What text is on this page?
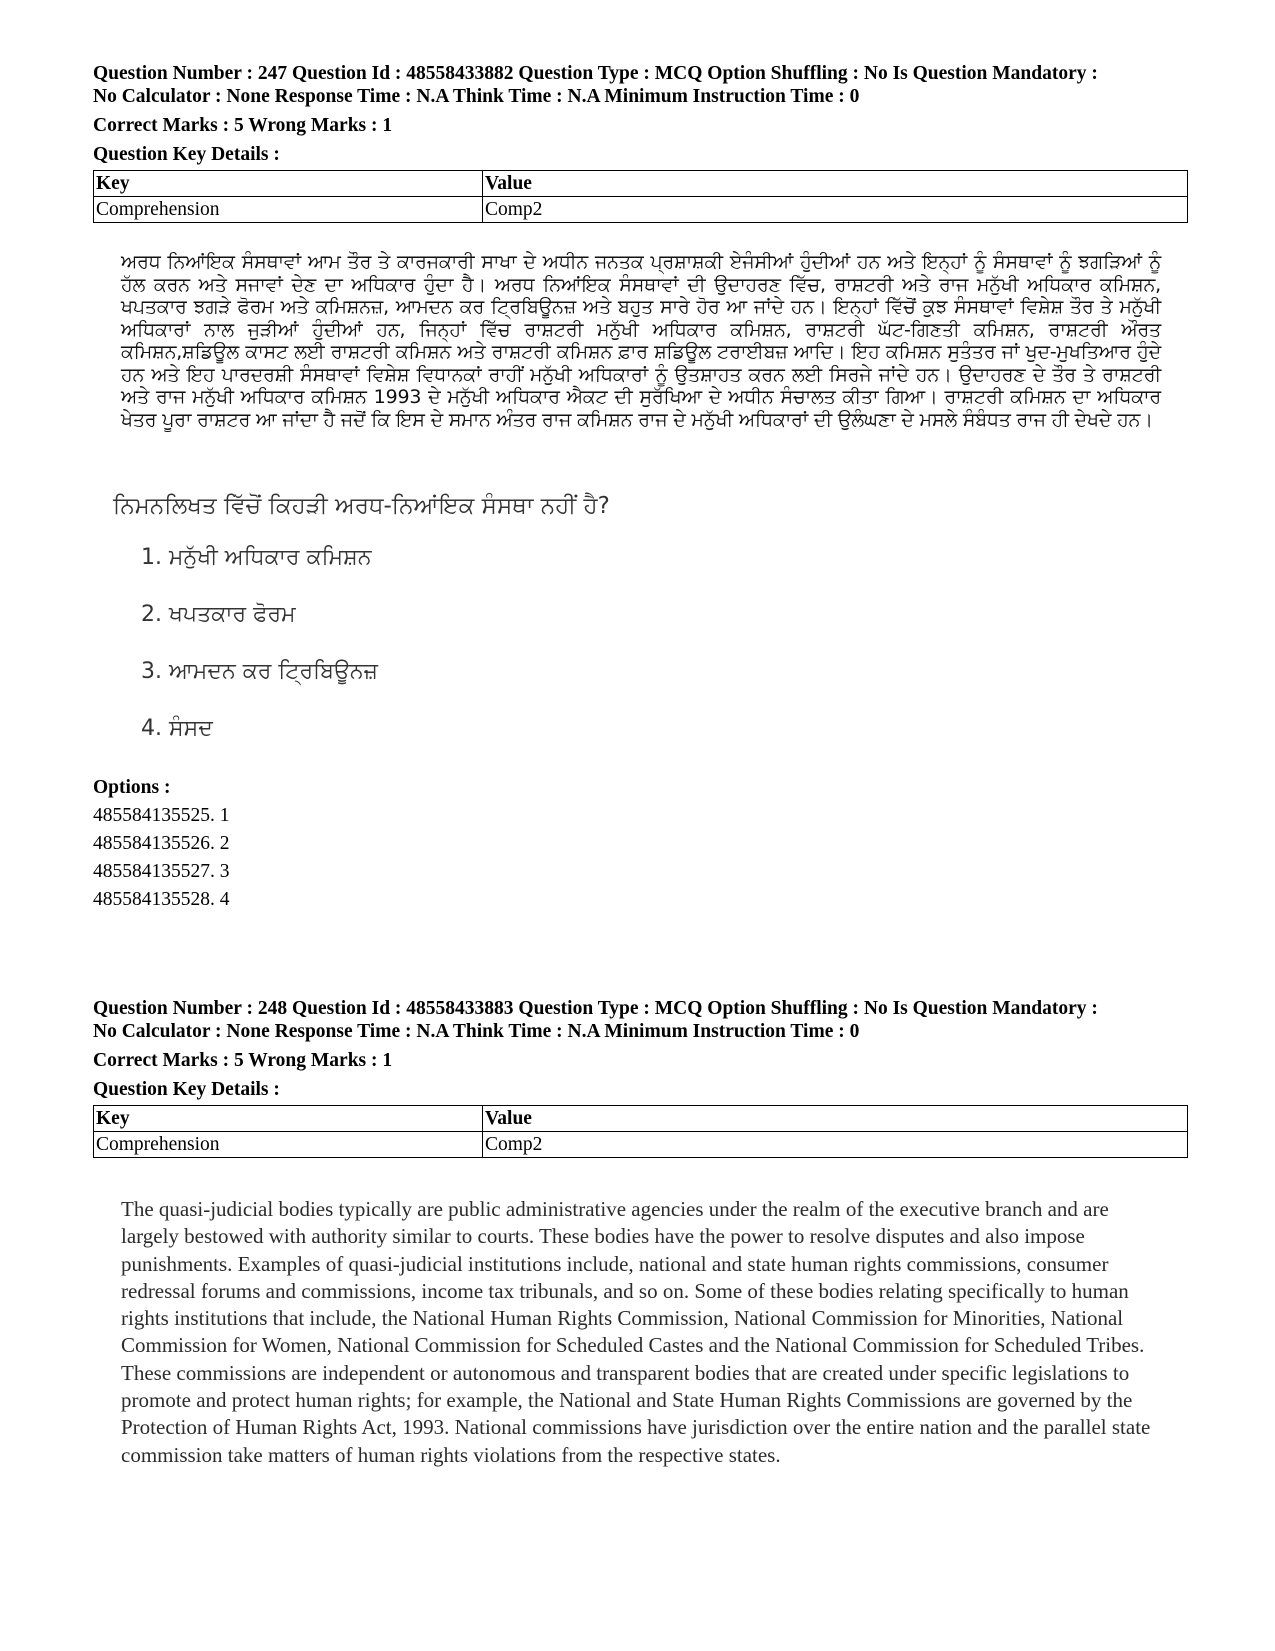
Question Number : 247 Question Id : 48558433882 Question Type : MCQ Option Shuffling : No Is Question Mandatory :

No Calculator : None Response Time : N.A Think Time : N.A Minimum Instruction Time : 0

Correct Marks : 5 Wrong Marks : 1
Question Key Details :
Key	Value
Comprehension	Comp2
ਅਰਧ ਨਿਆਂਇਕ ਸੰਸਥਾਵਾਂ ਆਮ ਤੌਰ ਤੇ ਕਾਰਜਕਾਰੀ ਸਾਖਾ ਦੇ ਅਧੀਨ ਜਨਤਕ ਪ੍ਰਸ਼ਾਸ਼ਕੀ ਏਜੰਸੀਆਂ ਹੁੰਦੀਆਂ ਹਨ ਅਤੇ ਇਨ੍ਹਾਂ ਨੂੰ ਸੰਸਥਾਵਾਂ ਨੂੰ ਝਗੜਿਆਂ ਨੂੰ ਹੱਲ ਕਰਨ ਅਤੇ ਸਜਾਵਾਂ ਦੇਣ ਦਾ ਅਧਿਕਾਰ ਹੁੰਦਾ ਹੈ। ਅਰਧ ਨਿਆਂਇਕ ਸੰਸਥਾਵਾਂ ਦੀ ਉਦਾਹਰਣ ਵਿੱਚ, ਰਾਸ਼ਟਰੀ ਅਤੇ ਰਾਜ ਮਨੁੱਖੀ ਅਧਿਕਾਰ ਕਮਿਸ਼ਨ, ਖਪਤਕਾਰ ਝਗੜੇ ਫੋਰਮ ਅਤੇ ਕਮਿਸ਼ਨਜ਼, ਆਮਦਨ ਕਰ ਟ੍ਰਿਬਿਊਨਜ਼ ਅਤੇ ਬਹੁਤ ਸਾਰੇ ਹੋਰ ਆ ਜਾਂਦੇ ਹਨ। ਇਨ੍ਹਾਂ ਵਿੱਚੋਂ ਕੁਝ ਸੰਸਥਾਵਾਂ ਵਿਸ਼ੇਸ਼ ਤੌਰ ਤੇ ਮਨੁੱਖੀ ਅਧਿਕਾਰਾਂ ਨਾਲ ਜੁੜੀਆਂ ਹੁੰਦੀਆਂ ਹਨ, ਜਿਨ੍ਹਾਂ ਵਿੱਚ ਰਾਸ਼ਟਰੀ ਮਨੁੱਖੀ ਅਧਿਕਾਰ ਕਮਿਸ਼ਨ, ਰਾਸ਼ਟਰੀ ਘੱਟ-ਗਿਣਤੀ ਕਮਿਸ਼ਨ, ਰਾਸ਼ਟਰੀ ਔਰਤ ਕਮਿਸ਼ਨ,ਸ਼ਡਿਊਲ ਕਾਸਟ ਲਈ ਰਾਸ਼ਟਰੀ ਕਮਿਸ਼ਨ ਅਤੇ ਰਾਸ਼ਟਰੀ ਕਮਿਸ਼ਨ ਫ਼ਾਰ ਸ਼ਡਿਊਲ ਟਰਾਈਬਜ਼ ਆਦਿ। ਇਹ ਕਮਿਸ਼ਨ ਸੁਤੰਤਰ ਜਾਂ ਖੁਦ-ਮੁਖਤਿਆਰ ਹੁੰਦੇ ਹਨ ਅਤੇ ਇਹ ਪਾਰਦਰਸ਼ੀ ਸੰਸਥਾਵਾਂ ਵਿਸ਼ੇਸ਼ ਵਿਧਾਨਕਾਂ ਰਾਹੀਂ ਮਨੁੱਖੀ ਅਧਿਕਾਰਾਂ ਨੂੰ ਉਤਸ਼ਾਹਤ ਕਰਨ ਲਈ ਸਿਰਜੇ ਜਾਂਦੇ ਹਨ। ਉਦਾਹਰਣ ਦੇ ਤੌਰ ਤੇ ਰਾਸ਼ਟਰੀ ਅਤੇ ਰਾਜ ਮਨੁੱਖੀ ਅਧਿਕਾਰ ਕਮਿਸ਼ਨ 1993 ਦੇ ਮਨੁੱਖੀ ਅਧਿਕਾਰ ਐਕਟ ਦੀ ਸੁਰੱਖਿਆ ਦੇ ਅਧੀਨ ਸੰਚਾਲਤ ਕੀਤਾ ਗਿਆ। ਰਾਸ਼ਟਰੀ ਕਮਿਸ਼ਨ ਦਾ ਅਧਿਕਾਰ ਖੇਤਰ ਪੂਰਾ ਰਾਸ਼ਟਰ ਆ ਜਾਂਦਾ ਹੈ ਜਦੋਂ ਕਿ ਇਸ ਦੇ ਸਮਾਨ ਅੰਤਰ ਰਾਜ ਕਮਿਸ਼ਨ ਰਾਜ ਦੇ ਮਨੁੱਖੀ ਅਧਿਕਾਰਾਂ ਦੀ ਉਲੰਘਣਾ ਦੇ ਮਸਲੇ ਸੰਬੰਧਤ ਰਾਜ ਹੀ ਦੇਖਦੇ ਹਨ।
ਨਿਮਨਲਿਖਤ ਵਿੱਚੋਂ ਕਿਹੜੀ ਅਰਧ-ਨਿਆਂਇਕ ਸੰਸਥਾ ਨਹੀਂ ਹੈ?
1. ਮਨੁੱਖੀ ਅਧਿਕਾਰ ਕਮਿਸ਼ਨ
2. ਖਪਤਕਾਰ ਫੋਰਮ
3. ਆਮਦਨ ਕਰ ਟ੍ਰਿਬਿਊਨਜ਼
4. ਸੰਸਦ
Options :
485584135525. 1
485584135526. 2
485584135527. 3
485584135528. 4

Question Number : 248 Question Id : 48558433883 Question Type : MCQ Option Shuffling : No Is Question Mandatory :

No Calculator : None Response Time : N.A Think Time : N.A Minimum Instruction Time : 0

Correct Marks : 5 Wrong Marks : 1
Question Key Details :
Key	Value
Comprehension	Comp2
The quasi-judicial bodies typically are public administrative agencies under the realm of the executive branch and are largely bestowed with authority similar to courts. These bodies have the power to resolve disputes and also impose punishments. Examples of quasi-judicial institutions include, national and state human rights commissions, consumer redressal forums and commissions, income tax tribunals, and so on. Some of these bodies relating specifically to human rights institutions that include, the National Human Rights Commission, National Commission for Minorities, National Commission for Women, National Commission for Scheduled Castes and the National Commission for Scheduled Tribes. These commissions are independent or autonomous and transparent bodies that are created under specific legislations to promote and protect human rights; for example, the National and State Human Rights Commissions are governed by the Protection of Human Rights Act, 1993. National commissions have jurisdiction over the entire nation and the parallel state commission take matters of human rights violations from the respective states.
